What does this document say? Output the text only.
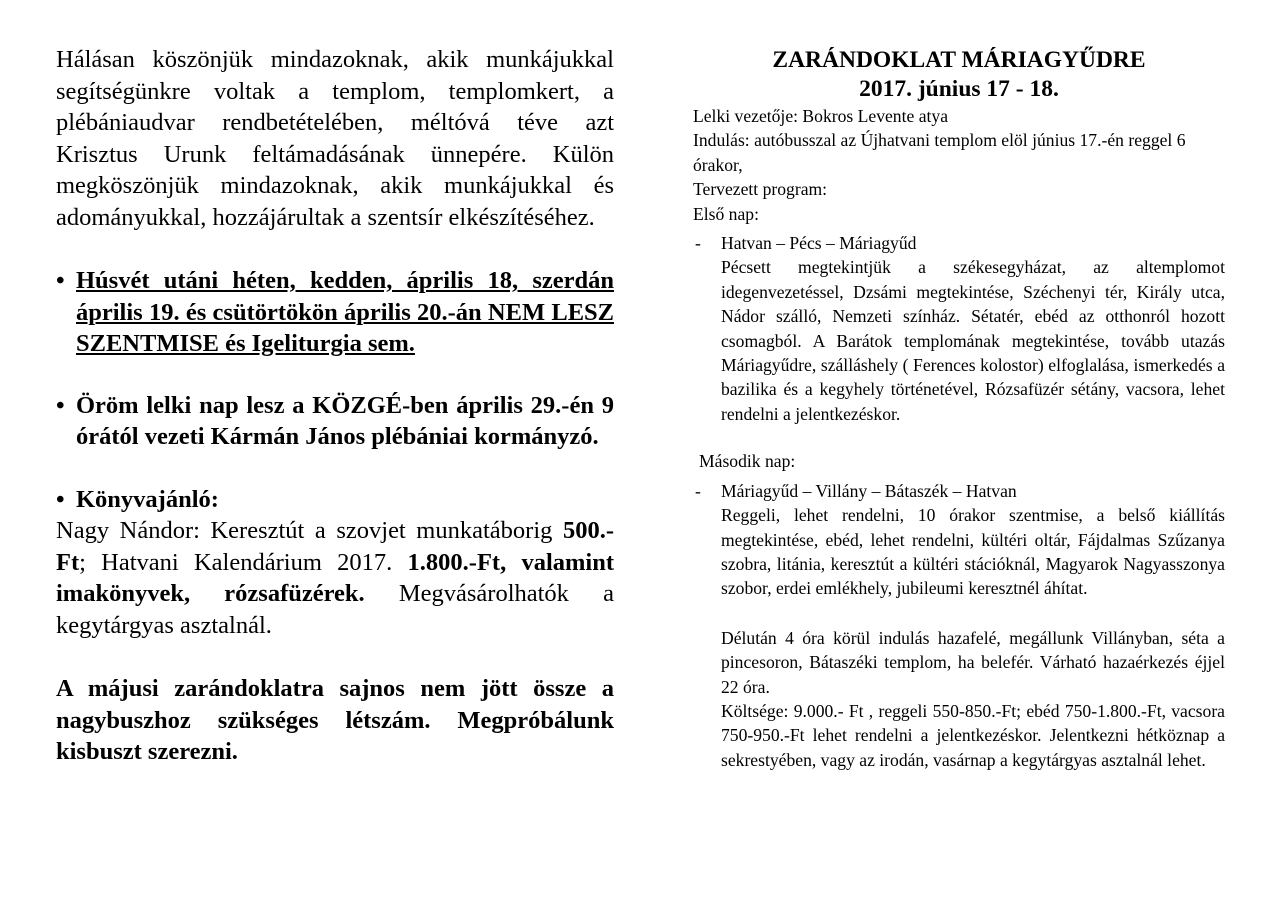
Hálásan köszönjük mindazoknak, akik munkájukkal segítségünkre voltak a templom, templomkert, a plébániaudvar rendbetételében, méltóvá téve azt Krisztus Urunk feltámadásának ünnepére. Külön megköszönjük mindazoknak, akik munkájukkal és adományukkal, hozzájárultak a szentsír elkészítéséhez.

• Húsvét utáni héten, kedden, április 18, szerdán április 19. és csütörtökön április 20.-án NEM LESZ SZENTMISE és Igeliturgia sem.

• Öröm lelki nap lesz a KÖZGÉ-ben április 29.-én 9 órától vezeti Kármán János plébániai kormányzó.

• Könyvajánló:

Nagy Nándor: Keresztút a szovjet munkatáborig 500.-Ft; Hatvani Kalendárium 2017. 1.800.-Ft, valamint imakönyvek, rózsafüzérek. Megvásárolhatók a kegytárgyas asztalnál.

A májusi zarándoklatra sajnos nem jött össze a nagybuszhoz szükséges létszám. Megpróbálunk kisbuszt szerezni.

ZARÁNDOKLAT MÁRIAGYŰDRE

2017. június 17 - 18.

Lelki vezetője: Bokros Levente atya

Indulás: autóbusszal az Újhatvani templom elöl június 17.-én reggel 6 órakor,

Tervezett program:

Első nap:

- Hatvan – Pécs – Máriagyűd

Pécsett megtekintjük a székesegyházat, az altemplomot idegenvezetéssel, Dzsámi megtekintése, Széchenyi tér, Király utca, Nádor szálló, Nemzeti színház. Sétatér, ebéd az otthonról hozott csomagból. A Barátok templomának megtekintése, tovább utazás Máriagyűdre, szálláshely ( Ferences kolostor) elfoglalása, ismerkedés a bazilika és a kegyhely történetével, Rózsafüzér sétány, vacsora, lehet rendelni a jelentkezéskor.

Második nap:

- Máriagyűd – Villány – Bátaszék – Hatvan

Reggeli, lehet rendelni, 10 órakor szentmise, a belső kiállítás megtekintése, ebéd, lehet rendelni, kültéri oltár, Fájdalmas Szűzanya szobra, litánia, keresztút a kültéri stációknál, Magyarok Nagyasszonya szobor, erdei emlékhely, jubileumi keresztnél áhítat.

Délután 4 óra körül indulás hazafelé, megállunk Villányban, séta a pincesoron, Bátaszéki templom, ha belefér. Várható hazaérkezés éjjel 22 óra.

Költsége: 9.000.- Ft , reggeli 550-850.-Ft; ebéd 750-1.800.-Ft, vacsora 750-950.-Ft lehet rendelni a jelentkezéskor. Jelentkezni hétköznap a sekrestyében, vagy az irodán, vasárnap a kegytárgyas asztalnál lehet.
